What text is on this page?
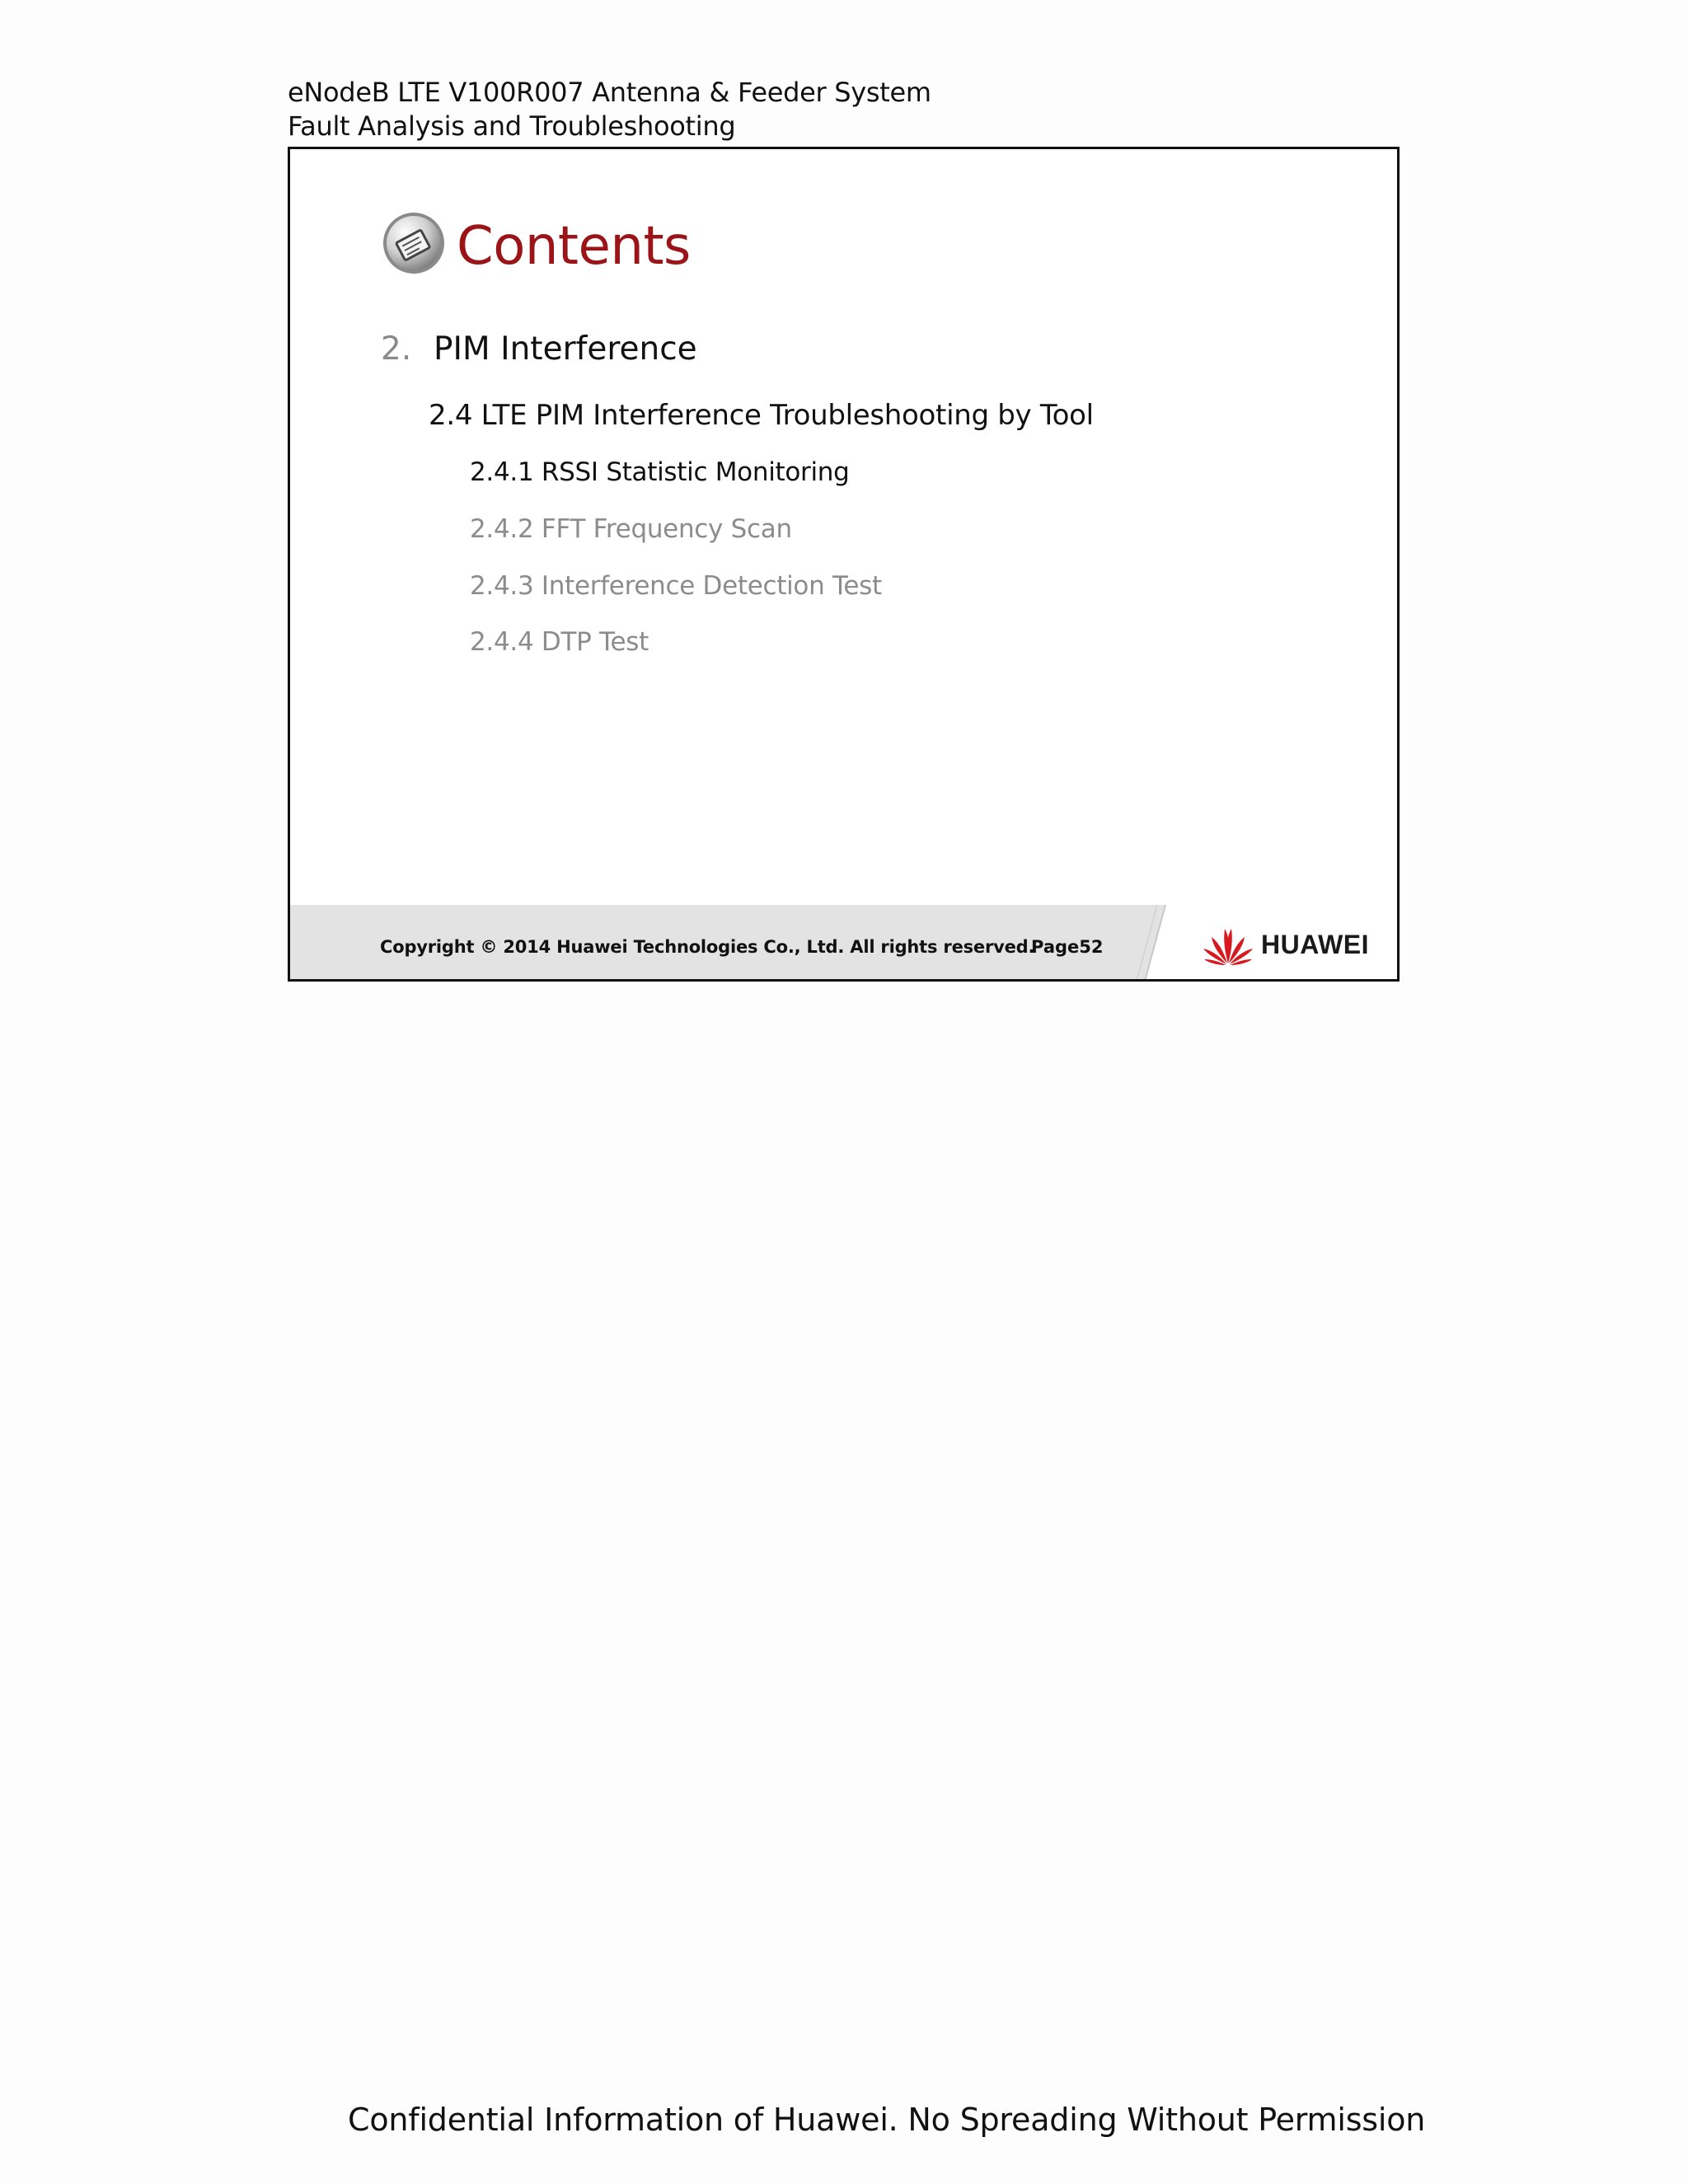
eNodeB LTE V100R007 Antenna & Feeder System
Fault Analysis and Troubleshooting
Contents
2. PIM Interference
2.4 LTE PIM Interference Troubleshooting by Tool
2.4.1 RSSI Statistic Monitoring
2.4.2 FFT Frequency Scan
2.4.3 Interference Detection Test
2.4.4 DTP Test
Copyright © 2014 Huawei Technologies Co., Ltd. All rights reserved.
Page52	HUAWEI
Confidential Information of Huawei. No Spreading Without Permission
